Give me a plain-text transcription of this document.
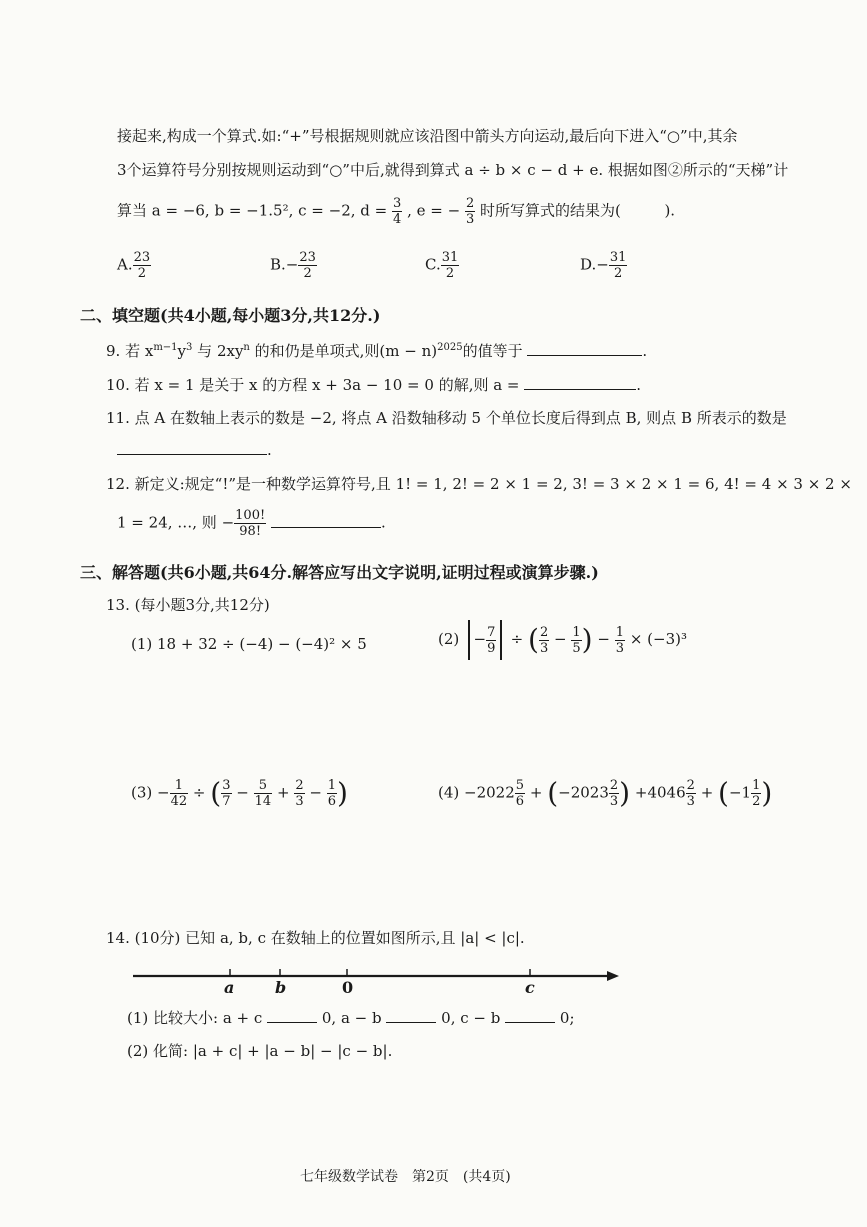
接起来,构成一个算式.如:“+”号根据规则就应该沿图中箭头方向运动,最后向下进入“○”中,其余
3个运算符号分别按规则运动到“○”中后,就得到算式 a ÷ b × c − d + e. 根据如图②所示的“天梯”计
算当 a = −6, b = −1.5², c = −2, $d = \frac{3}{4}$ , e = − $\frac{2}{3}$ 时所写算式的结果为(	).
A. $\frac{23}{2}$	$B.- \frac{23}{2}$	C. $\frac{31}{2}$	$D.- \frac{31}{2}$
二、填空题(共4小题,每小题3分,共12分.)
9. 若 $x^{m-1}y^3$ 与 $2xy^n$ 的和仍是单项式,则$(m - n)^{2025}$的值等于	.
10. 若 x = 1 是关于 x 的方程 x + 3a − 10 = 0 的解,则 a =	.
11. 点 A 在数轴上表示的数是 −2, 将点 A 沿数轴移动 5 个单位长度后得到点 B, 则点 B 所表示的数是
.
12. 新定义:规定“!”是一种数学运算符号,且 1! = 1, 2! = 2 × 1 = 2, 3! = 3 × 2 × 1 = 6, 4! = 4 × 3 × 2 ×
1 = 24, …, 则 − $\frac{100!}{98!}$	.
三、解答题(共6小题,共64分.解答应写出文字说明,证明过程或演算步骤.)
13. (每小题3分,共12分)
(1) 18 + 32 ÷ (−4) − (−4)² × 5	$(2) - \frac{7}{9}$ ÷ ( $\frac{2}{3} - \frac{1}{5}$ ) − $\frac{1}{3} \times (-3)^3$
$(3) - \frac{1}{42}$ ÷ ( $\frac{3}{7} - \frac{5}{14} + \frac{2}{3} - \frac{1}{6}$ )	$(4) -2022 \frac{5}{6} + (-2023 \frac{2}{3}$ ) $+4046 \frac{2}{3} + (-1 \frac{1}{2}$ )
14. (10分) 已知 a, b, c 在数轴上的位置如图所示,且 |a| < |c|.
a	b	0	c
(1) 比较大小: a + c	0, a − b	0, c − b	0;
(2) 化简: |a + c| + |a − b| − |c − b|.
七年级数学试卷　第2页　(共4页)
